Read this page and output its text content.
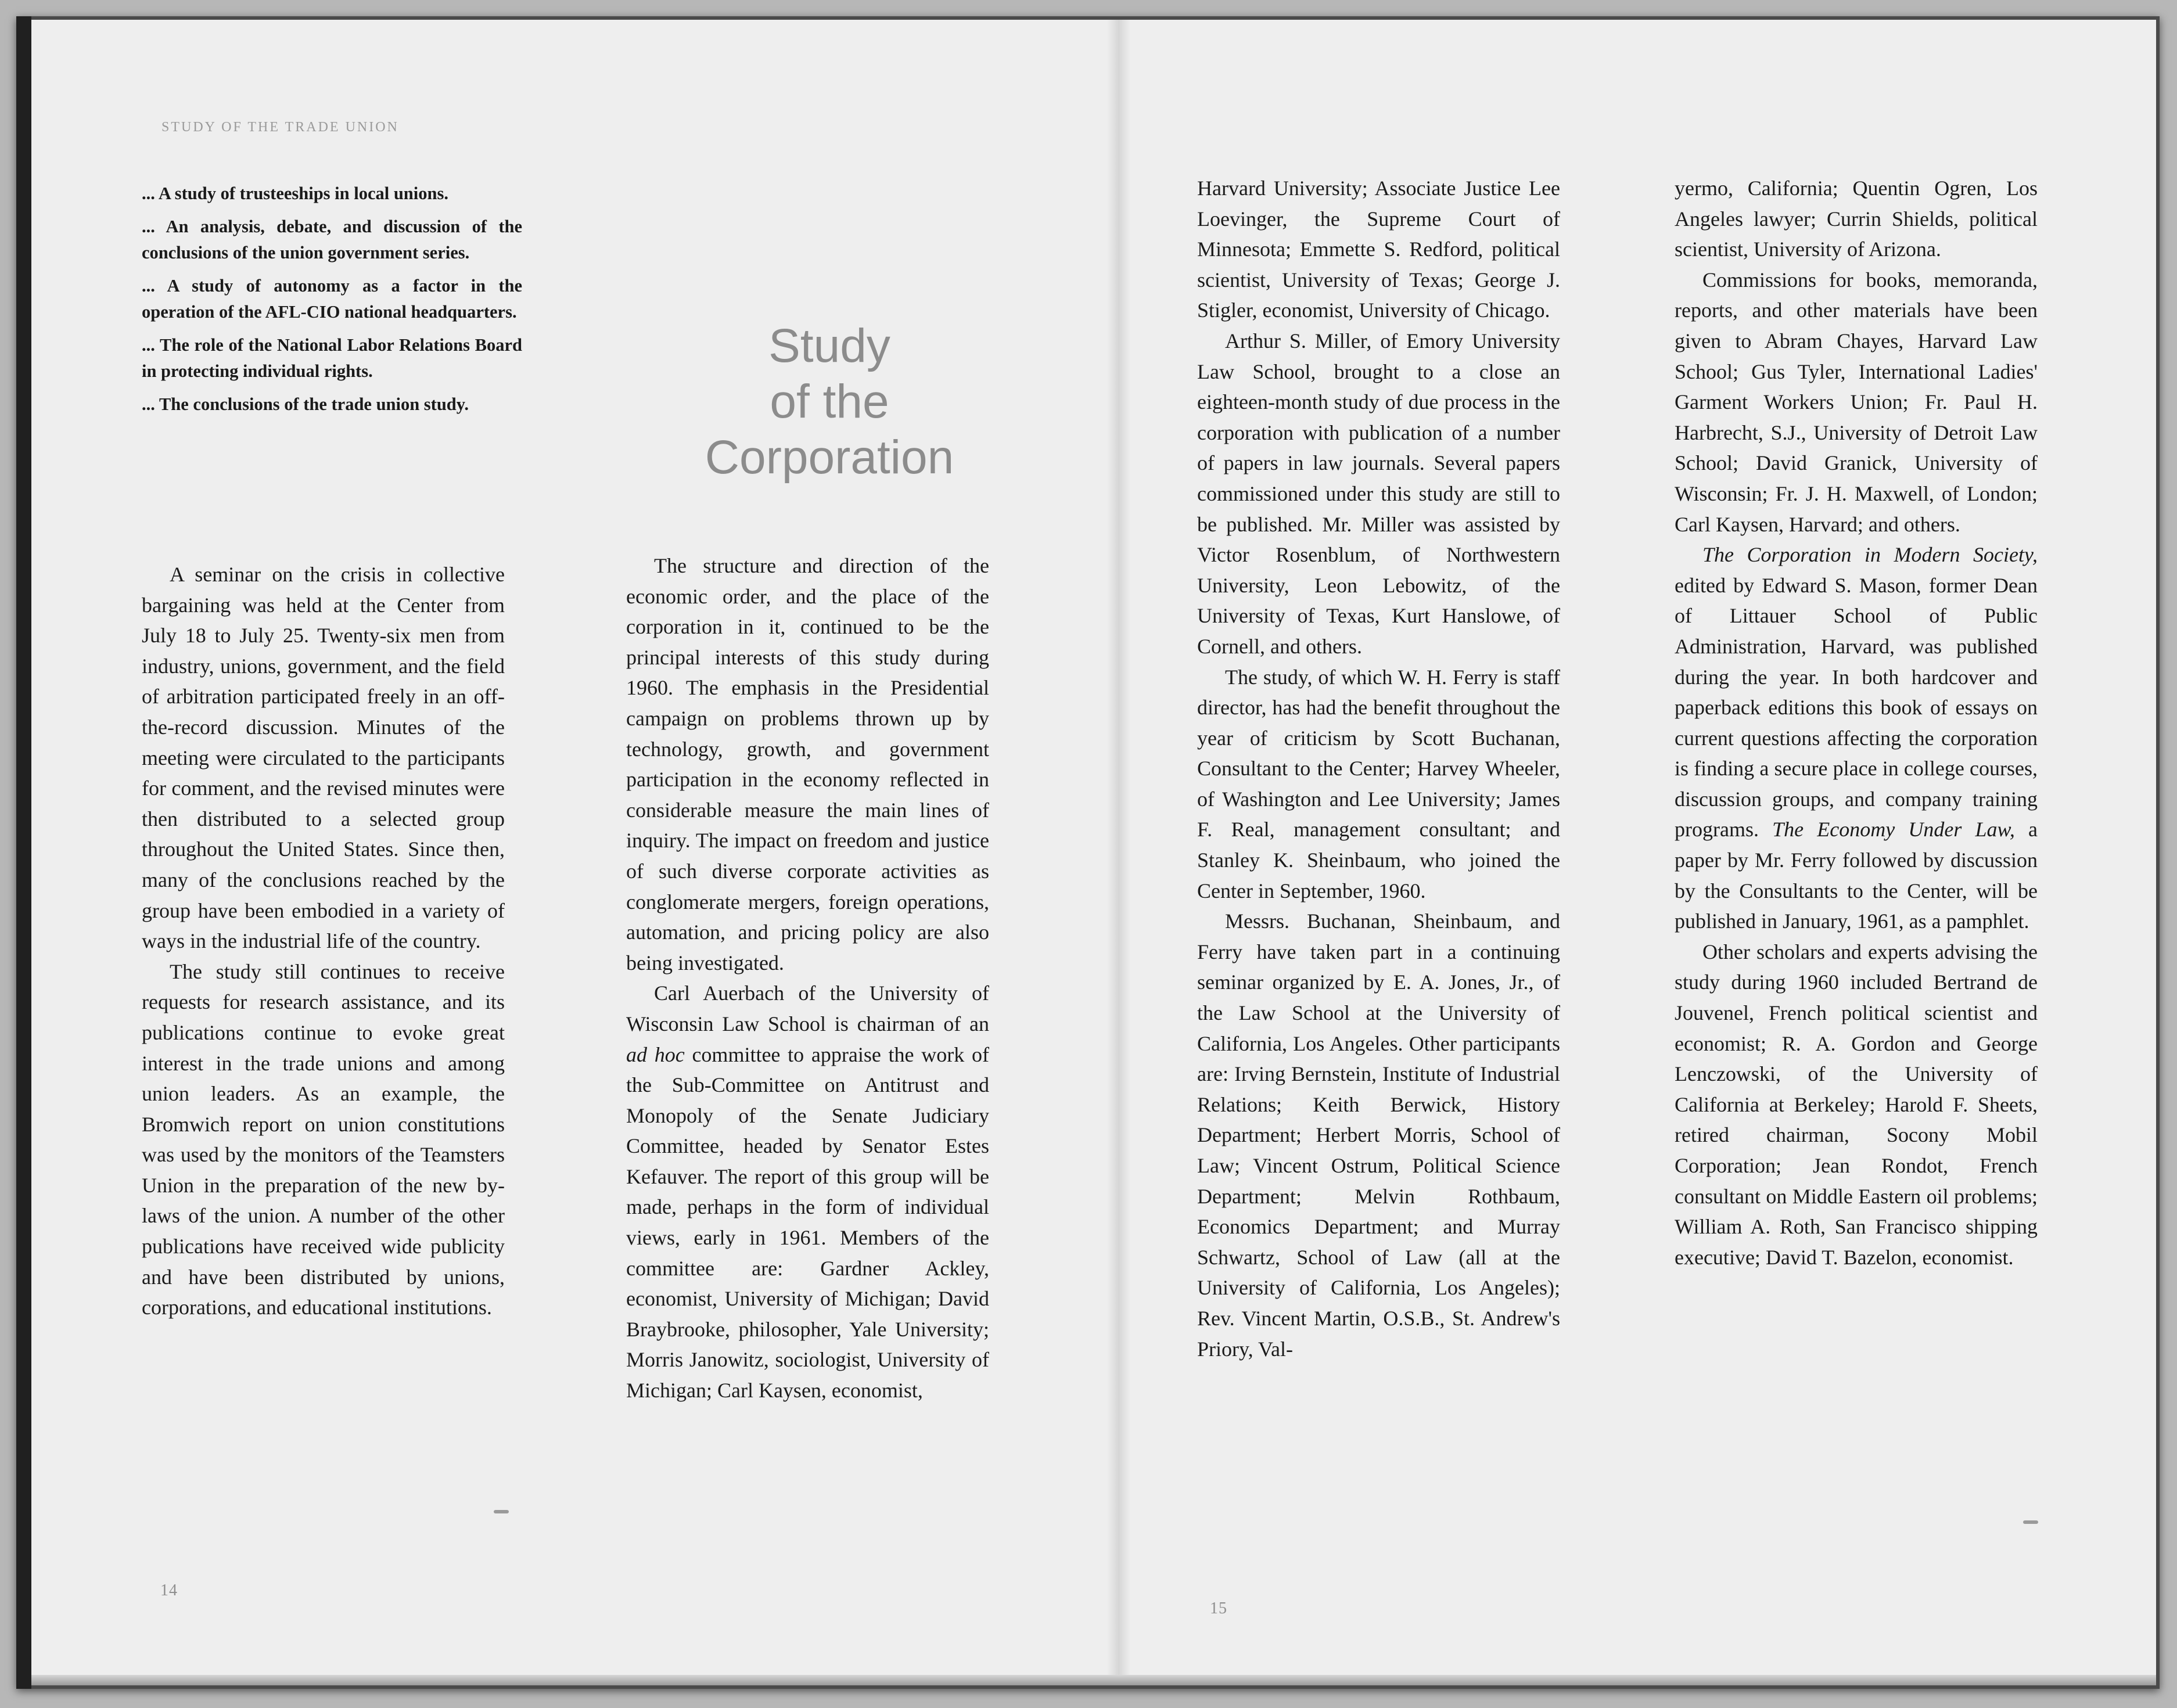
STUDY OF THE TRADE UNION

... A study of trusteeships in local unions.

... An analysis, debate, and discussion of the conclusions of the union government series.

... A study of autonomy as a factor in the operation of the AFL-CIO national headquarters.

... The role of the National Labor Relations Board in protecting individual rights.

... The conclusions of the trade union study.

A seminar on the crisis in collective bargaining was held at the Center from July 18 to July 25. Twenty-six men from industry, unions, government, and the field of arbitration participated freely in an off-the-record discussion. Minutes of the meeting were circulated to the participants for comment, and the revised minutes were then distributed to a selected group throughout the United States. Since then, many of the conclusions reached by the group have been embodied in a variety of ways in the industrial life of the country.

The study still continues to receive requests for research assistance, and its publications continue to evoke great interest in the trade unions and among union leaders. As an example, the Bromwich report on union constitutions was used by the monitors of the Teamsters Union in the preparation of the new by-laws of the union. A number of the other publications have received wide publicity and have been distributed by unions, corporations, and educational institutions.

Study
of the
Corporation

The structure and direction of the economic order, and the place of the corporation in it, continued to be the principal interests of this study during 1960. The emphasis in the Presidential campaign on problems thrown up by technology, growth, and government participation in the economy reflected in considerable measure the main lines of inquiry. The impact on freedom and justice of such diverse corporate activities as conglomerate mergers, foreign operations, automation, and pricing policy are also being investigated.

Carl Auerbach of the University of Wisconsin Law School is chairman of an ad hoc committee to appraise the work of the Sub-Committee on Antitrust and Monopoly of the Senate Judiciary Committee, headed by Senator Estes Kefauver. The report of this group will be made, perhaps in the form of individual views, early in 1961. Members of the committee are: Gardner Ackley, economist, University of Michigan; David Braybrooke, philosopher, Yale University; Morris Janowitz, sociologist, University of Michigan; Carl Kaysen, economist,

14

Harvard University; Associate Justice Lee Loevinger, the Supreme Court of Minnesota; Emmette S. Redford, political scientist, University of Texas; George J. Stigler, economist, University of Chicago.

Arthur S. Miller, of Emory University Law School, brought to a close an eighteen-month study of due process in the corporation with publication of a number of papers in law journals. Several papers commissioned under this study are still to be published. Mr. Miller was assisted by Victor Rosenblum, of Northwestern University, Leon Lebowitz, of the University of Texas, Kurt Hanslowe, of Cornell, and others.

The study, of which W. H. Ferry is staff director, has had the benefit throughout the year of criticism by Scott Buchanan, Consultant to the Center; Harvey Wheeler, of Washington and Lee University; James F. Real, management consultant; and Stanley K. Sheinbaum, who joined the Center in September, 1960.

Messrs. Buchanan, Sheinbaum, and Ferry have taken part in a continuing seminar organized by E. A. Jones, Jr., of the Law School at the University of California, Los Angeles. Other participants are: Irving Bernstein, Institute of Industrial Relations; Keith Berwick, History Department; Herbert Morris, School of Law; Vincent Ostrum, Political Science Department; Melvin Rothbaum, Economics Department; and Murray Schwartz, School of Law (all at the University of California, Los Angeles); Rev. Vincent Martin, O.S.B., St. Andrew's Priory, Val-

yermo, California; Quentin Ogren, Los Angeles lawyer; Currin Shields, political scientist, University of Arizona.

Commissions for books, memoranda, reports, and other materials have been given to Abram Chayes, Harvard Law School; Gus Tyler, International Ladies' Garment Workers Union; Fr. Paul H. Harbrecht, S.J., University of Detroit Law School; David Granick, University of Wisconsin; Fr. J. H. Maxwell, of London; Carl Kaysen, Harvard; and others.

The Corporation in Modern Society, edited by Edward S. Mason, former Dean of Littauer School of Public Administration, Harvard, was published during the year. In both hardcover and paperback editions this book of essays on current questions affecting the corporation is finding a secure place in college courses, discussion groups, and company training programs. The Economy Under Law, a paper by Mr. Ferry followed by discussion by the Consultants to the Center, will be published in January, 1961, as a pamphlet.

Other scholars and experts advising the study during 1960 included Bertrand de Jouvenel, French political scientist and economist; R. A. Gordon and George Lenczowski, of the University of California at Berkeley; Harold F. Sheets, retired chairman, Socony Mobil Corporation; Jean Rondot, French consultant on Middle Eastern oil problems; William A. Roth, San Francisco shipping executive; David T. Bazelon, economist.

15
